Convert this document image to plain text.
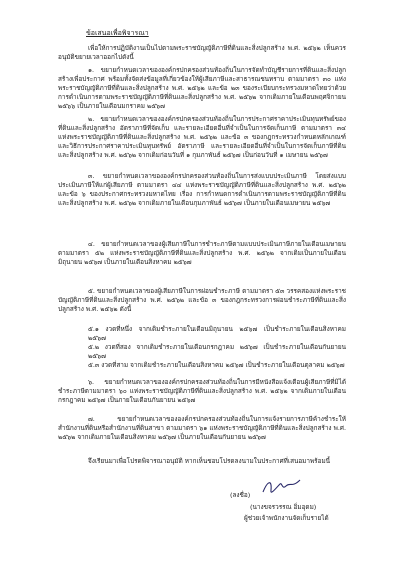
ข้อเสนอเพื่อพิจารณา

เพื่อให้การปฏิบัติงานเป็นไปตามพระราชบัญญัติภาษีที่ดินและสิ่งปลูกสร้าง พ.ศ. ๒๕๖๒ เห็นควรอนุมัติขยายเวลาออกไปดังนี้

๑. ขยายกำหนดเวลาขององค์กรปกครองส่วนท้องถิ่นในการจัดทำบัญชีรายการที่ดินและสิ่งปลูกสร้างเพื่อประกาศ พร้อมทั้งจัดส่งข้อมูลที่เกี่ยวข้องให้ผู้เสียภาษีและสาธารณชนทราบ ตามมาตรา ๓๐ แห่งพระราชบัญญัติภาษีที่ดินและสิ่งปลูกสร้าง พ.ศ. ๒๕๖๒ และข้อ ๒๓ ของระเบียบกระทรวงมหาดไทยว่าด้วยการดำเนินการตามพระราชบัญญัติภาษีที่ดินและสิ่งปลูกสร้าง พ.ศ. ๒๕๖๒ จากเดิมภายในเดือนพฤศจิกายน ๒๕๖๖ เป็นภายในเดือนมกราคม ๒๕๖๗

๒. ขยายกำหนดเวลาขององค์กรปกครองส่วนท้องถิ่นในการประกาศราคาประเมินทุนทรัพย์ของที่ดินและสิ่งปลูกสร้าง อัตราภาษีที่จัดเก็บ และรายละเอียดอื่นที่จำเป็นในการจัดเก็บภาษี ตามมาตรา ๓๔ แห่งพระราชบัญญัติภาษีที่ดินและสิ่งปลูกสร้าง พ.ศ. ๒๕๖๒ และข้อ ๓ ของกฎกระทรวงกำหนดหลักเกณฑ์และวิธีการประกาศราคาประเมินทุนทรัพย์ อัตราภาษี และรายละเอียดอื่นที่จำเป็นในการจัดเก็บภาษีที่ดินและสิ่งปลูกสร้าง พ.ศ. ๒๕๖๒ จากเดิมก่อนวันที่ ๑ กุมภาพันธ์ ๒๕๖๗ เป็นก่อนวันที่ ๑ เมษายน ๒๕๖๗

๓. ขยายกำหนดเวลาขององค์กรปกครองส่วนท้องถิ่นในการส่งแบบประเมินภาษี โดยส่งแบบประเมินภาษีให้แก่ผู้เสียภาษี ตามมาตรา ๔๔ แห่งพระราชบัญญัติภาษีที่ดินและสิ่งปลูกสร้าง พ.ศ. ๒๕๖๒ และข้อ ๖ ของประกาศกระทรวงมหาดไทย เรื่อง การกำหนดการดำเนินการตามพระราชบัญญัติภาษีที่ดินและสิ่งปลูกสร้าง พ.ศ. ๒๕๖๒ จากเดิมภายในเดือนกุมภาพันธ์ ๒๕๖๗ เป็นภายในเดือนเมษายน ๒๕๖๗

๔. ขยายกำหนดเวลาของผู้เสียภาษีในการชำระภาษีตามแบบประเมินภาษีภายในเดือนเมษายน ตามมาตรา ๕๒ แห่งพระราชบัญญัติภาษีที่ดินและสิ่งปลูกสร้าง พ.ศ. ๒๕๖๒ จากเดิมเป็นภายในเดือนมิถุนายน ๒๕๖๗ เป็นภายในเดือนสิงหาคม ๒๕๖๗

๕. ขยายกำหนดเวลาของผู้เสียภาษีในการผ่อนชำระภาษี ตามมาตรา ๕๓ วรรคสองแห่งพระราชบัญญัติภาษีที่ดินและสิ่งปลูกสร้าง พ.ศ. ๒๕๖๒ และข้อ ๓ ของกฎกระทรวงการผ่อนชำระภาษีที่ดินและสิ่งปลูกสร้าง พ.ศ. ๒๕๖๒ ดังนี้

๕.๑ งวดที่หนึ่ง จากเดิมชำระภายในเดือนมิถุนายน ๒๕๖๗ เป็นชำระภายในเดือนสิงหาคม ๒๕๖๗

๕.๒ งวดที่สอง จากเดิมชำระภายในเดือนกรกฎาคม ๒๕๖๗ เป็นชำระภายในเดือนกันยายน ๒๕๖๗

๕.๓ งวดที่สาม จากเดิมชำระภายในเดือนสิงหาคม ๒๕๖๗ เป็นชำระภายในเดือนตุลาคม ๒๕๖๗

๖. ขยายกำหนดเวลาขององค์กรปกครองส่วนท้องถิ่นในการมีหนังสือแจ้งเตือนผู้เสียภาษีที่มิได้ชำระภาษีตามมาตรา ๖๐ แห่งพระราชบัญญัติภาษีที่ดินและสิ่งปลูกสร้าง พ.ศ. ๒๕๖๒ จากเดิมภายในเดือนกรกฎาคม ๒๕๖๗ เป็นภายในเดือนกันยายน ๒๕๖๗

๗. ขยายกำหนดเวลาขององค์กรปกครองส่วนท้องถิ่นในการแจ้งรายการภาษีค้างชำระให้สำนักงานที่ดินหรือสำนักงานที่ดินสาขา ตามมาตรา ๖๑ แห่งพระราชบัญญัติภาษีที่ดินและสิ่งปลูกสร้าง พ.ศ. ๒๕๖๒ จากเดิมภายในเดือนสิงหาคม ๒๕๖๗ เป็นภายในเดือนกันยายน ๒๕๖๗

จึงเรียนมาเพื่อโปรดพิจารณาอนุมัติ หากเห็นชอบโปรดลงนามในประกาศที่เสนอมาพร้อมนี้

(ลงชื่อ)
(นางขจรวรรณ อิ่มอุดม)
ผู้ช่วยเจ้าพนักงานจัดเก็บรายได้
